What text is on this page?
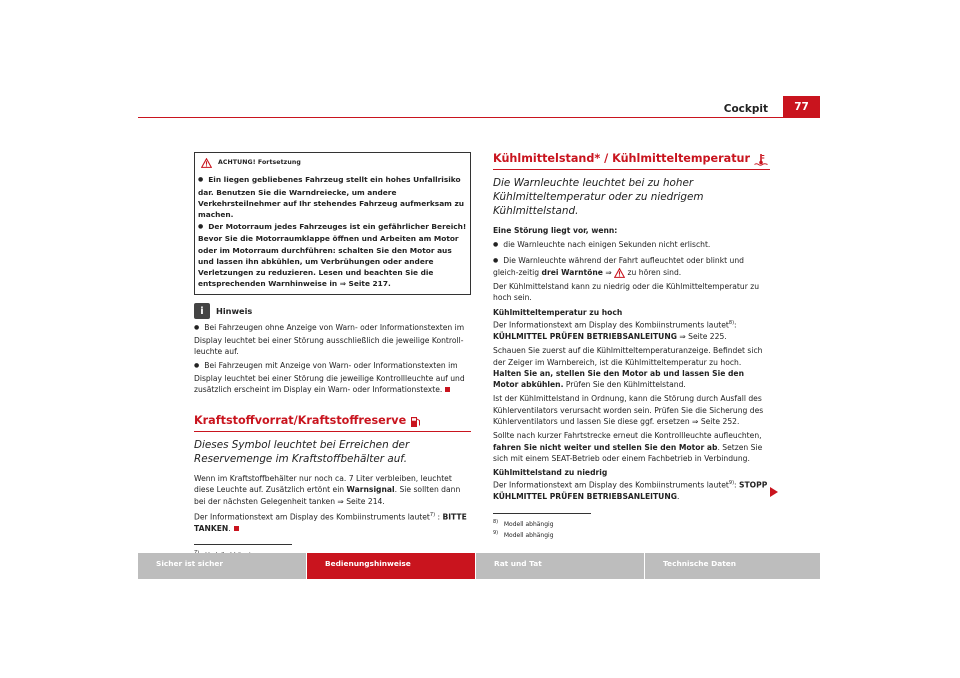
Cockpit	77
ACHTUNG! Fortsetzung

● Ein liegen gebliebenes Fahrzeug stellt ein hohes Unfallrisiko dar. Benutzen Sie die Warndreiecke, um andere Verkehrsteilnehmer auf Ihr stehendes Fahrzeug aufmerksam zu machen.

● Der Motorraum jedes Fahrzeuges ist ein gefährlicher Bereich! Bevor Sie die Motorraumklappe öffnen und Arbeiten am Motor oder im Motorraum durchführen: schalten Sie den Motor aus und lassen ihn abkühlen, um Verbrühungen oder andere Verletzungen zu reduzieren. Lesen und beachten Sie die entsprechenden Warnhinweise in ⇒ Seite 217.

i	Hinweis

● Bei Fahrzeugen ohne Anzeige von Warn- oder Informationstexten im Display leuchtet bei einer Störung ausschließlich die jeweilige Kontroll-leuchte auf.

● Bei Fahrzeugen mit Anzeige von Warn- oder Informationstexten im Display leuchtet bei einer Störung die jeweilige Kontrollleuchte auf und zusätzlich erscheint im Display ein Warn- oder Informationstexte.

Kraftstoffvorrat/Kraftstoffreserve
Dieses Symbol leuchtet bei Erreichen der Reservemenge im Kraftstoffbehälter auf.

Wenn im Kraftstoffbehälter nur noch ca. 7 Liter verbleiben, leuchtet diese Leuchte auf. Zusätzlich ertönt ein Warnsignal. Sie sollten dann bei der nächsten Gelegenheit tanken ⇒ Seite 214.

Der Informationstext am Display des Kombiinstruments lautet$^{7)}$ : BITTE TANKEN.

Kühlmittelstand* / Kühlmitteltemperatur
Die Warnleuchte leuchtet bei zu hoher Kühlmitteltemperatur oder zu niedrigem Kühlmittelstand.

Eine Störung liegt vor, wenn:

● die Warnleuchte nach einigen Sekunden nicht erlischt.

● Die Warnleuchte während der Fahrt aufleuchtet oder blinkt und gleich-zeitig drei Warntöne ⇒  zu hören sind.

Der Kühlmittelstand kann zu niedrig oder die Kühlmitteltemperatur zu hoch sein.

Kühlmitteltemperatur zu hoch

Der Informationstext am Display des Kombiinstruments lautet$^{8)}$:
KÜHLMITTEL PRÜFEN BETRIEBSANLEITUNG ⇒ Seite 225.

Schauen Sie zuerst auf die Kühlmitteltemperaturanzeige. Befindet sich der Zeiger im Warnbereich, ist die Kühlmitteltemperatur zu hoch. Halten Sie an, stellen Sie den Motor ab und lassen Sie den Motor abkühlen. Prüfen Sie den Kühlmittelstand.

Ist der Kühlmittelstand in Ordnung, kann die Störung durch Ausfall des Kühlerventilators verursacht worden sein. Prüfen Sie die Sicherung des Kühlerventilators und lassen Sie diese ggf. ersetzen ⇒ Seite 252.

Sollte nach kurzer Fahrtstrecke erneut die Kontrollleuchte aufleuchten, fahren Sie nicht weiter und stellen Sie den Motor ab. Setzen Sie sich mit einem SEAT-Betrieb oder einem Fachbetrieb in Verbindung.

Kühlmittelstand zu niedrig

Der Informationstext am Display des Kombiinstruments lautet$^{9)}$: STOPP KÜHLMITTEL PRÜFEN BETRIEBSANLEITUNG.

$^{8)}$ Modell abhängig
$^{9)}$ Modell abhängig
Sicher ist sicher	Bedienungshinweise	Rat und Tat	Technische Daten
